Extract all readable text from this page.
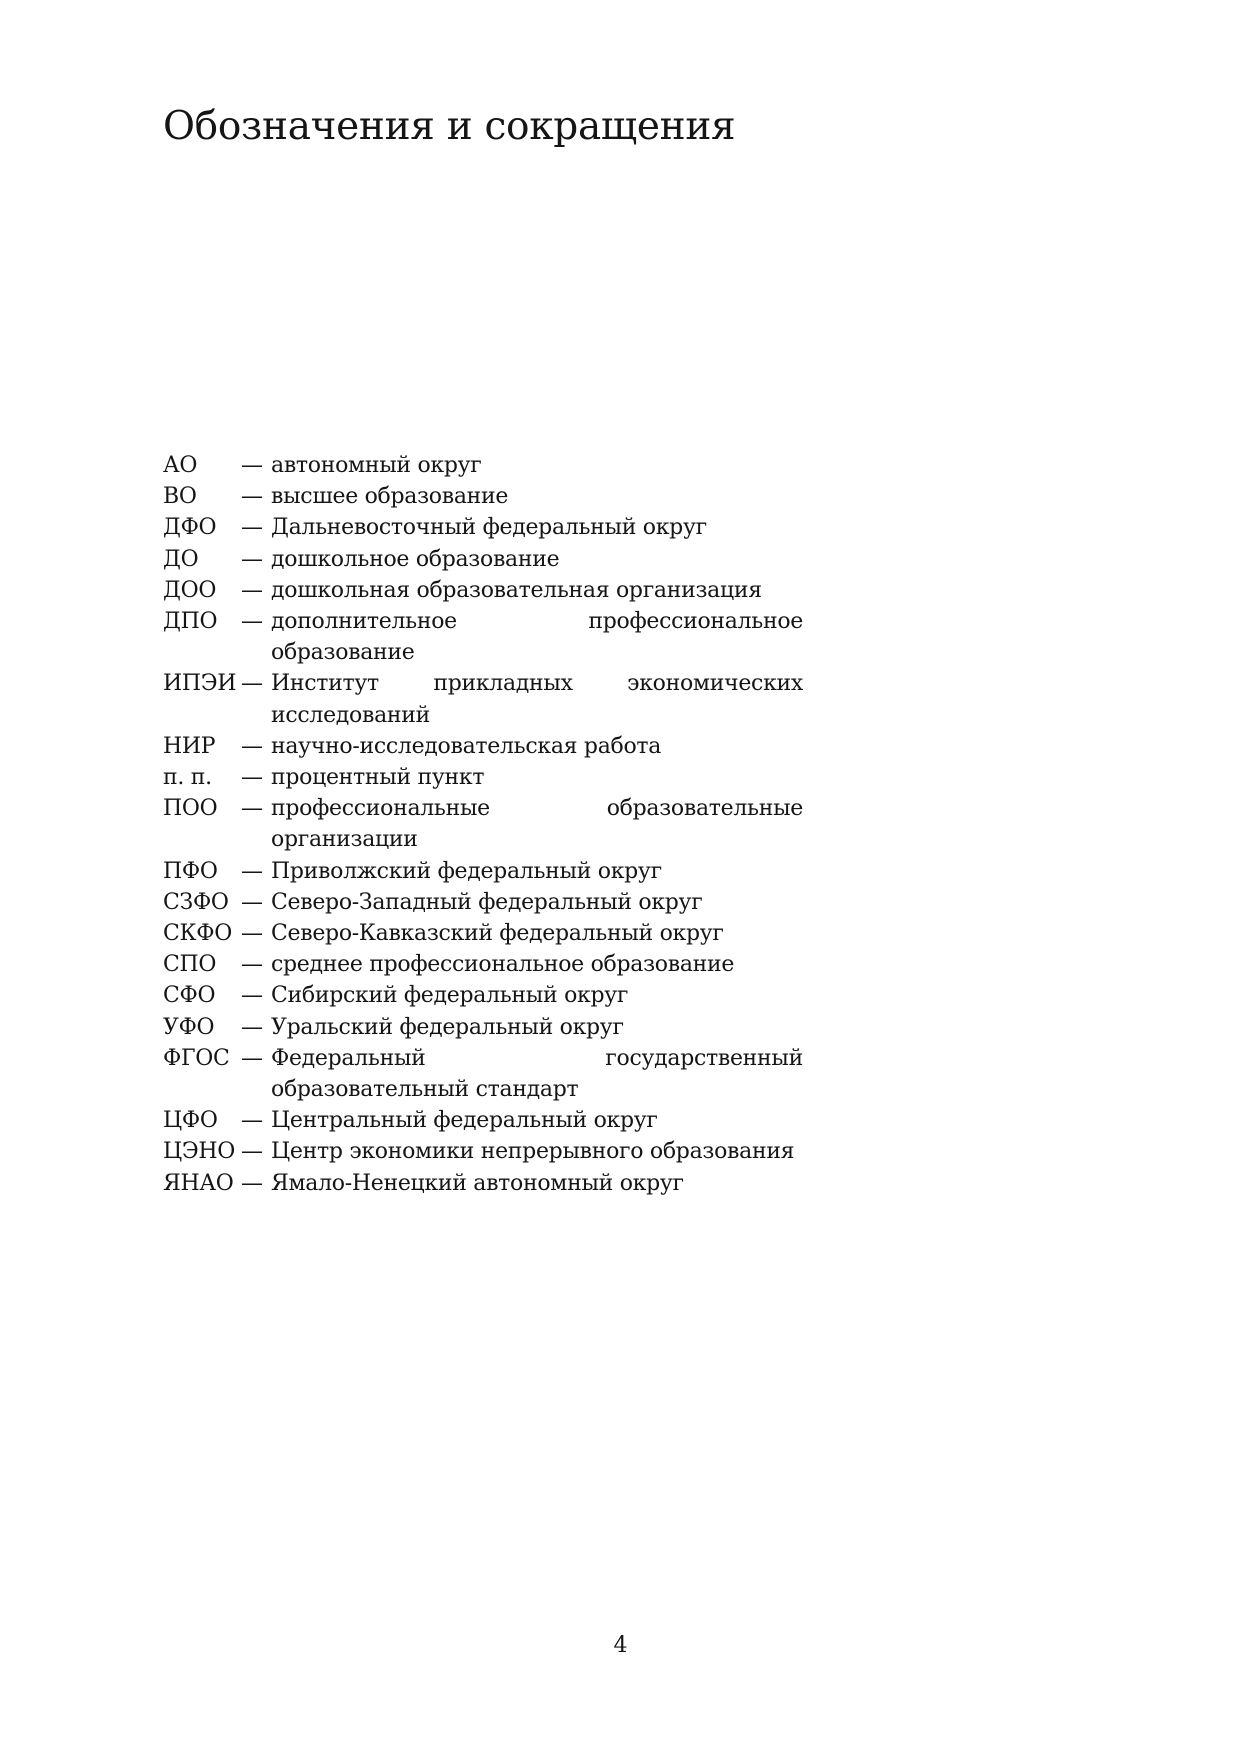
Обозначения и сокращения
АО	— автономный округ
ВО	— высшее образование
ДФО	— Дальневосточный федеральный округ
ДО	— дошкольное образование
ДОО	— дошкольная образовательная организация
ДПО	— дополнительное профессиональное образование
ИПЭИ — Институт прикладных экономических исследований
НИР	— научно-исследовательская работа
п. п.	— процентный пункт
ПОО	— профессиональные образовательные организации
ПФО	— Приволжский федеральный округ
СЗФО — Северо-Западный федеральный округ
СКФО — Северо-Кавказский федеральный округ
СПО	— среднее профессиональное образование
СФО	— Сибирский федеральный округ
УФО	— Уральский федеральный округ
ФГОС — Федеральный государственный образовательный стандарт
ЦФО	— Центральный федеральный округ
ЦЭНО — Центр экономики непрерывного образования
ЯНАО — Ямало-Ненецкий автономный округ
4
